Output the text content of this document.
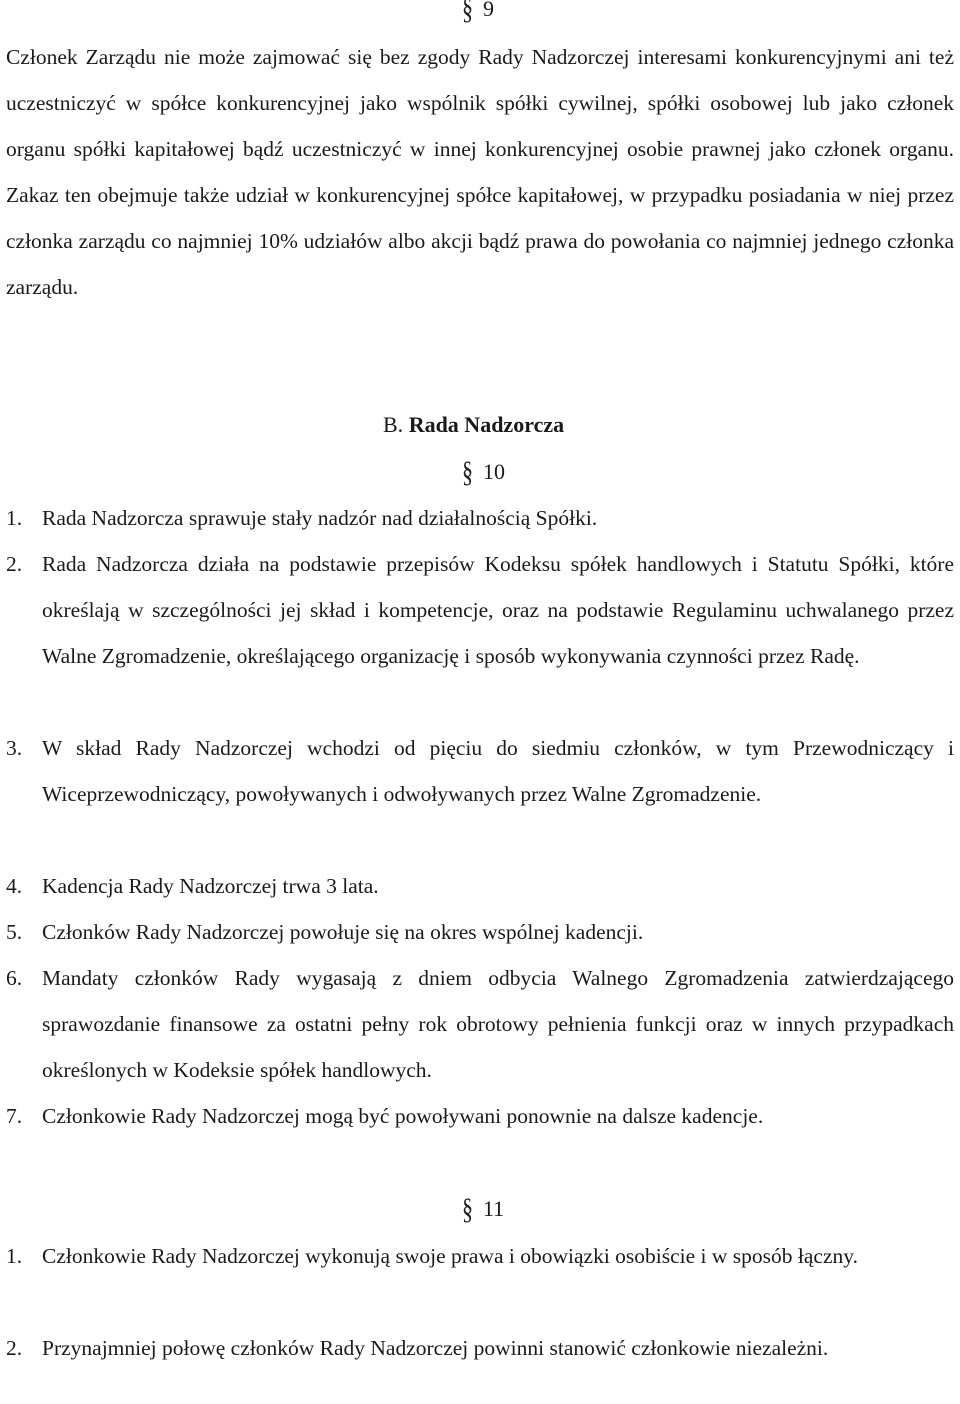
§ 9

Członek Zarządu nie może zajmować się bez zgody Rady Nadzorczej interesami konkurencyjnymi ani też uczestniczyć w spółce konkurencyjnej jako wspólnik spółki cywilnej, spółki osobowej lub jako członek organu spółki kapitałowej bądź uczestniczyć w innej konkurencyjnej osobie prawnej jako członek organu. Zakaz ten obejmuje także udział w konkurencyjnej spółce kapitałowej, w przypadku posiadania w niej przez członka zarządu co najmniej 10% udziałów albo akcji bądź prawa do powołania co najmniej jednego członka zarządu.

B. Rada Nadzorcza
§ 10
1. Rada Nadzorcza sprawuje stały nadzór nad działalnością Spółki.
2. Rada Nadzorcza działa na podstawie przepisów Kodeksu spółek handlowych i Statutu Spółki, które określają w szczególności jej skład i kompetencje, oraz na podstawie Regulaminu uchwalanego przez Walne Zgromadzenie, określającego organizację i sposób wykonywania czynności przez Radę.
3. W skład Rady Nadzorczej wchodzi od pięciu do siedmiu członków, w tym Przewodniczący i Wiceprzewodniczący, powoływanych i odwoływanych przez Walne Zgromadzenie.
4. Kadencja Rady Nadzorczej trwa 3 lata.
5. Członków Rady Nadzorczej powołuje się na okres wspólnej kadencji.
6. Mandaty członków Rady wygasają z dniem odbycia Walnego Zgromadzenia zatwierdzającego sprawozdanie finansowe za ostatni pełny rok obrotowy pełnienia funkcji oraz w innych przypadkach określonych w Kodeksie spółek handlowych.
7. Członkowie Rady Nadzorczej mogą być powoływani ponownie na dalsze kadencje.
§ 11
1. Członkowie Rady Nadzorczej wykonują swoje prawa i obowiązki osobiście i w sposób łączny.
2. Przynajmniej połowę członków Rady Nadzorczej powinni stanowić członkowie niezależni.
